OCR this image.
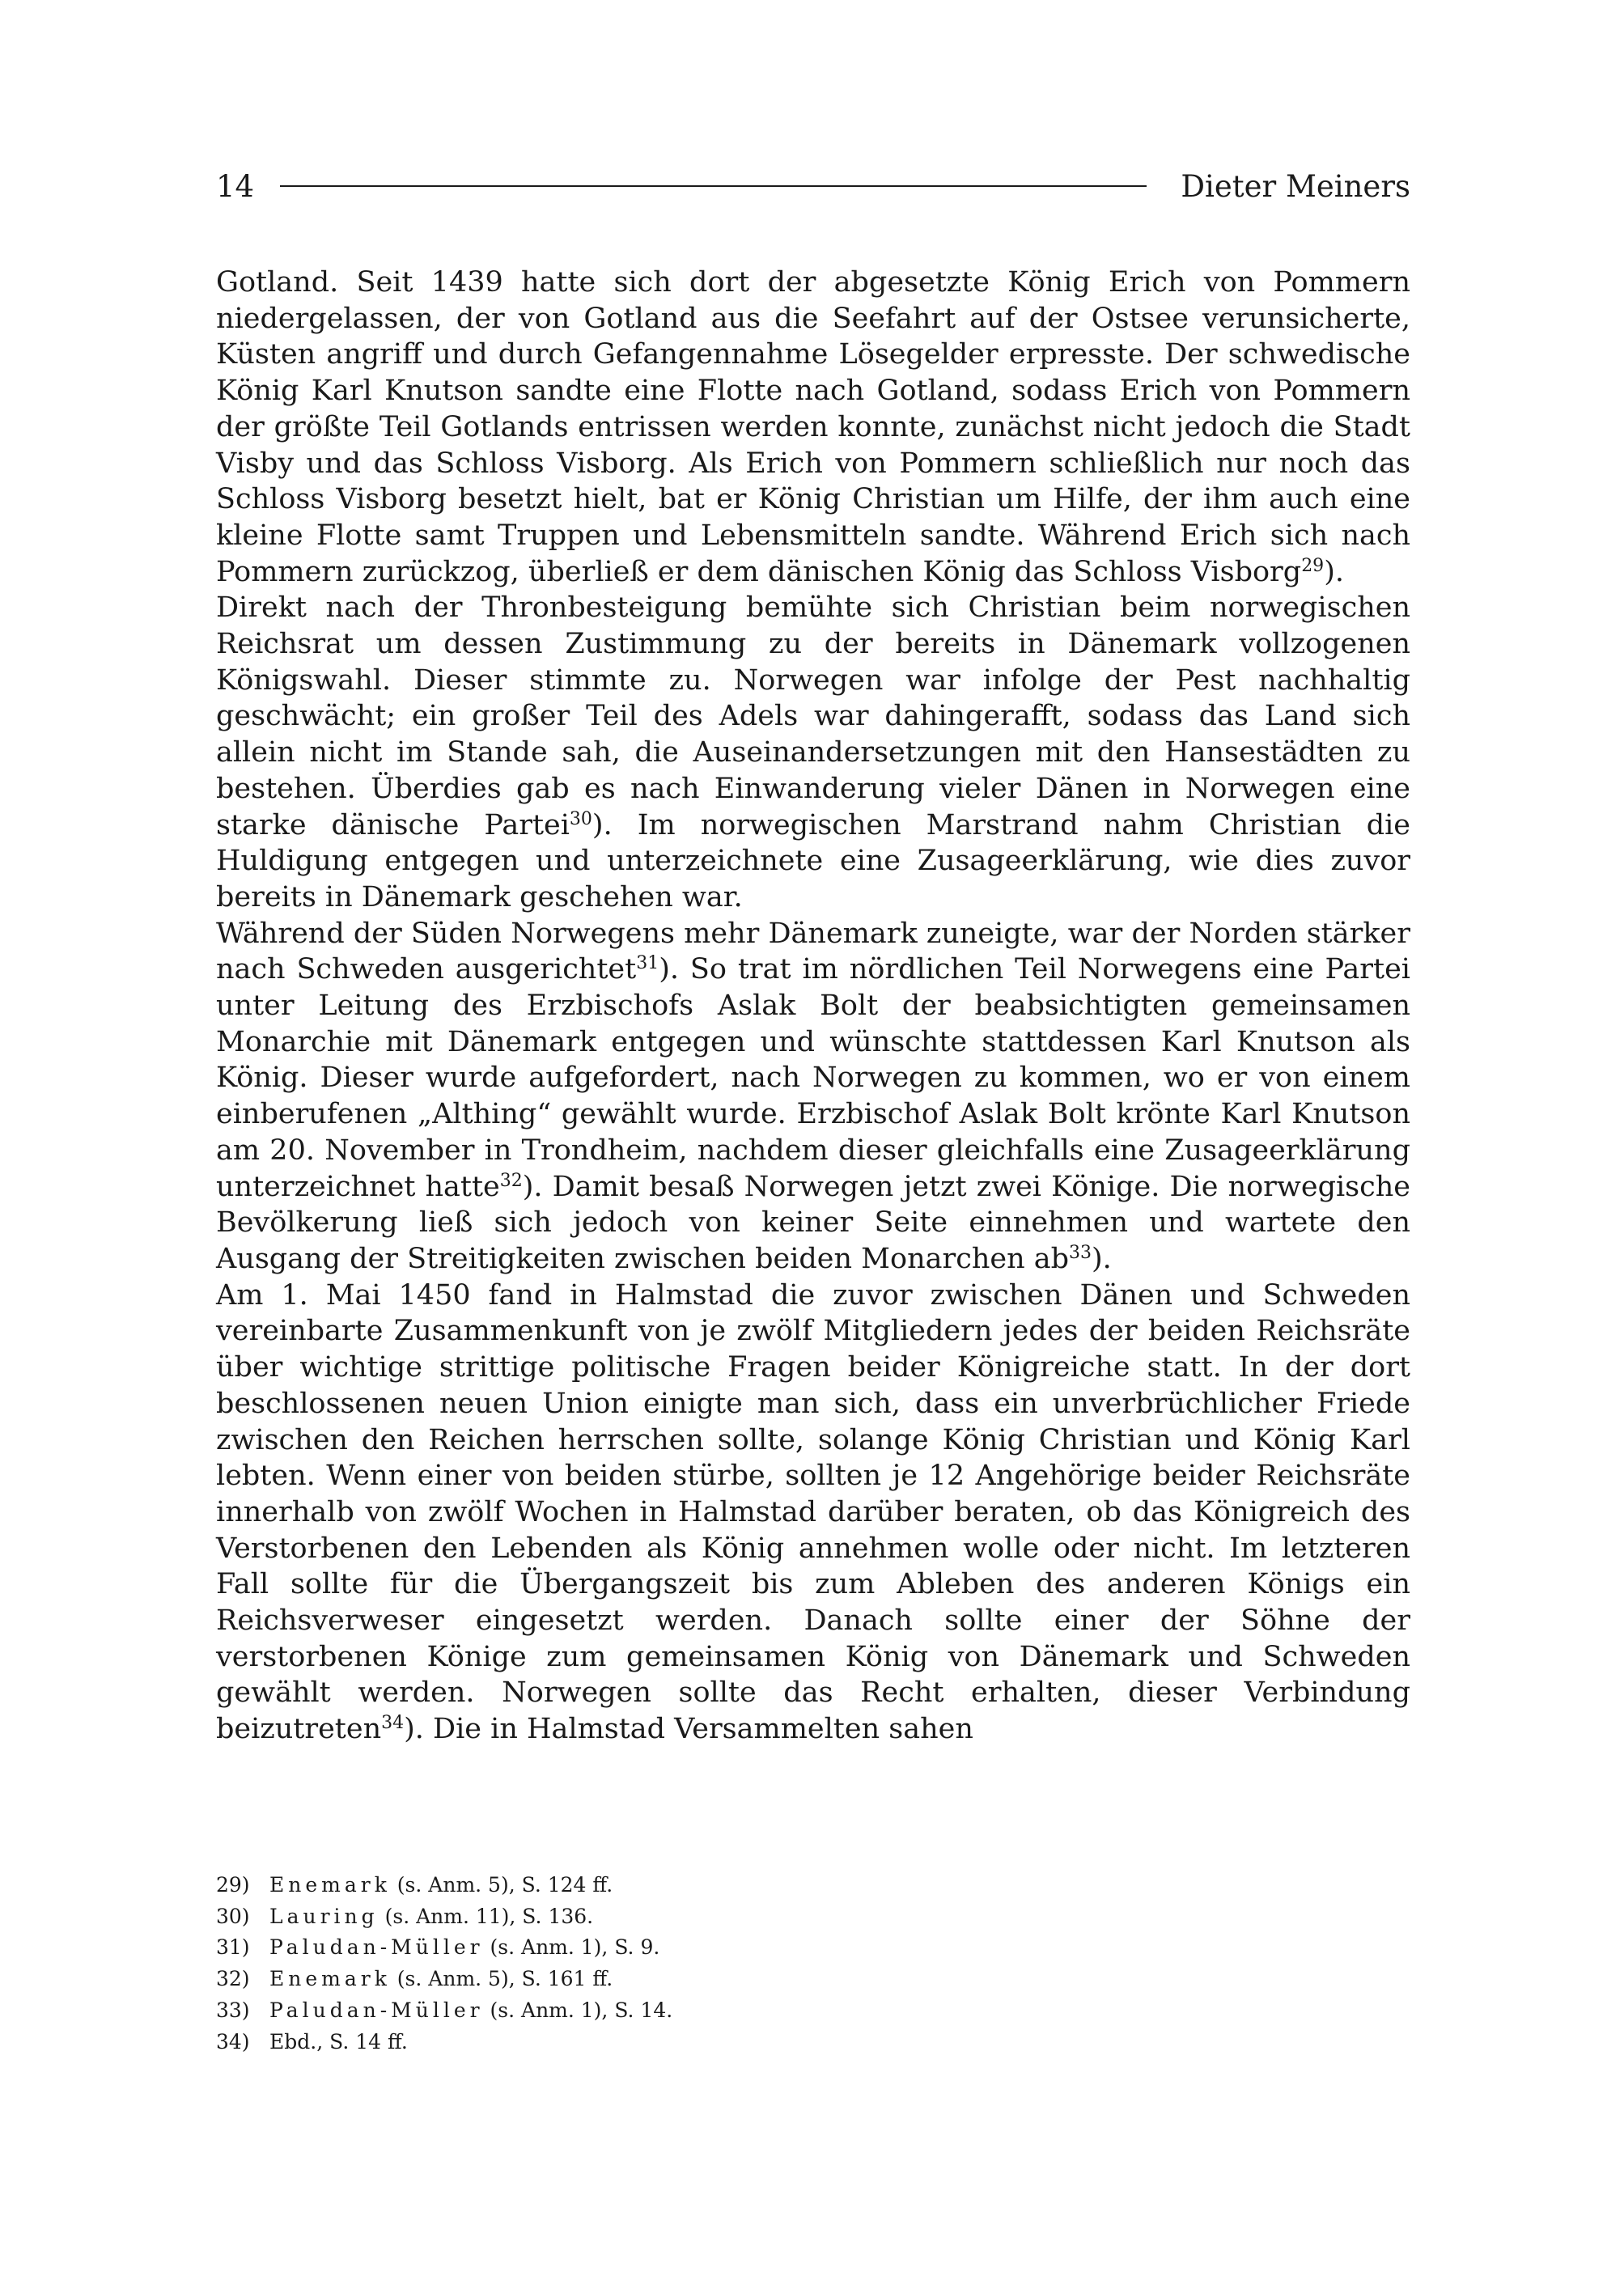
14	Dieter Meiners

Gotland. Seit 1439 hatte sich dort der abgesetzte König Erich von Pommern niedergelassen, der von Gotland aus die Seefahrt auf der Ostsee verunsicherte, Küsten angriff und durch Gefangennahme Lösegelder erpresste. Der schwedische König Karl Knutson sandte eine Flotte nach Gotland, sodass Erich von Pommern der größte Teil Gotlands entrissen werden konnte, zunächst nicht jedoch die Stadt Visby und das Schloss Visborg. Als Erich von Pommern schließlich nur noch das Schloss Visborg besetzt hielt, bat er König Christian um Hilfe, der ihm auch eine kleine Flotte samt Truppen und Lebensmitteln sandte. Während Erich sich nach Pommern zurückzog, überließ er dem dänischen König das Schloss Visborg$^{29}$).

Direkt nach der Thronbesteigung bemühte sich Christian beim norwegischen Reichsrat um dessen Zustimmung zu der bereits in Dänemark vollzogenen Königswahl. Dieser stimmte zu. Norwegen war infolge der Pest nachhaltig geschwächt; ein großer Teil des Adels war dahingerafft, sodass das Land sich allein nicht im Stande sah, die Auseinandersetzungen mit den Hansestädten zu bestehen. Überdies gab es nach Einwanderung vieler Dänen in Norwegen eine starke dänische Partei$^{30}$). Im norwegischen Marstrand nahm Christian die Huldigung entgegen und unterzeichnete eine Zusageerklärung, wie dies zuvor bereits in Dänemark geschehen war.

Während der Süden Norwegens mehr Dänemark zuneigte, war der Norden stärker nach Schweden ausgerichtet$^{31}$). So trat im nördlichen Teil Norwegens eine Partei unter Leitung des Erzbischofs Aslak Bolt der beabsichtigten gemeinsamen Monarchie mit Dänemark entgegen und wünschte stattdessen Karl Knutson als König. Dieser wurde aufgefordert, nach Norwegen zu kommen, wo er von einem einberufenen „Althing“ gewählt wurde. Erzbischof Aslak Bolt krönte Karl Knutson am 20. November in Trondheim, nachdem dieser gleichfalls eine Zusageerklärung unterzeichnet hatte$^{32}$). Damit besaß Norwegen jetzt zwei Könige. Die norwegische Bevölkerung ließ sich jedoch von keiner Seite einnehmen und wartete den Ausgang der Streitigkeiten zwischen beiden Monarchen $ab^{33}$).

Am 1. Mai 1450 fand in Halmstad die zuvor zwischen Dänen und Schweden vereinbarte Zusammenkunft von je zwölf Mitgliedern jedes der beiden Reichsräte über wichtige strittige politische Fragen beider Königreiche statt. In der dort beschlossenen neuen Union einigte man sich, dass ein unverbrüchlicher Friede zwischen den Reichen herrschen sollte, solange König Christian und König Karl lebten. Wenn einer von beiden stürbe, sollten je 12 Angehörige beider Reichsräte innerhalb von zwölf Wochen in Halmstad darüber beraten, ob das Königreich des Verstorbenen den Lebenden als König annehmen wolle oder nicht. Im letzteren Fall sollte für die Übergangszeit bis zum Ableben des anderen Königs ein Reichsverweser eingesetzt werden. Danach sollte einer der Söhne der verstorbenen Könige zum gemeinsamen König von Dänemark und Schweden gewählt werden. Norwegen sollte das Recht erhalten, dieser Verbindung beizutreten$^{34}$). Die in Halmstad Versammelten sahen

29) Enemark (s. Anm. 5), S. 124 ff.
30) Lauring (s. Anm. 11), S. 136.
31) Paludan-Müller (s. Anm. 1), S. 9.
32) Enemark (s. Anm. 5), S. 161 ff.
33) Paludan-Müller (s. Anm. 1), S. 14.
34) Ebd., S. 14 ff.
